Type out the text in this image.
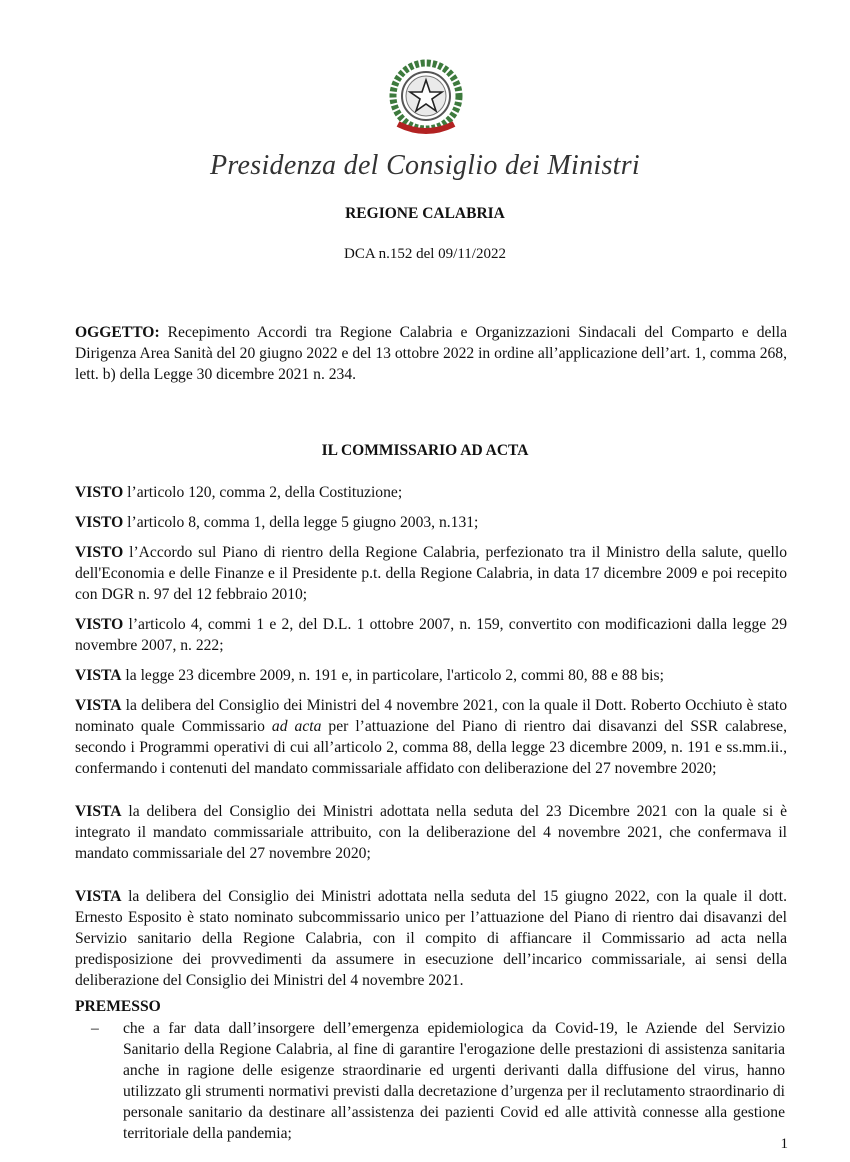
Presidenza del Consiglio dei Ministri
REGIONE CALABRIA
DCA n.152 del 09/11/2022
OGGETTO: Recepimento Accordi tra Regione Calabria e Organizzazioni Sindacali del Comparto e della Dirigenza Area Sanità del 20 giugno 2022 e del 13 ottobre 2022 in ordine all’applicazione dell’art. 1, comma 268, lett. b) della Legge 30 dicembre 2021 n. 234.
IL COMMISSARIO AD ACTA

VISTO l’articolo 120, comma 2, della Costituzione;

VISTO l’articolo 8, comma 1, della legge 5 giugno 2003, n.131;

VISTO l’Accordo sul Piano di rientro della Regione Calabria, perfezionato tra il Ministro della salute, quello dell'Economia e delle Finanze e il Presidente p.t. della Regione Calabria, in data 17 dicembre 2009 e poi recepito con DGR n. 97 del 12 febbraio 2010;

VISTO l’articolo 4, commi 1 e 2, del D.L. 1 ottobre 2007, n. 159, convertito con modificazioni dalla legge 29 novembre 2007, n. 222;

VISTA la legge 23 dicembre 2009, n. 191 e, in particolare, l'articolo 2, commi 80, 88 e 88 bis;

VISTA la delibera del Consiglio dei Ministri del 4 novembre 2021, con la quale il Dott. Roberto Occhiuto è stato nominato quale Commissario ad acta per l’attuazione del Piano di rientro dai disavanzi del SSR calabrese, secondo i Programmi operativi di cui all’articolo 2, comma 88, della legge 23 dicembre 2009, n. 191 e ss.mm.ii., confermando i contenuti del mandato commissariale affidato con deliberazione del 27 novembre 2020;

VISTA la delibera del Consiglio dei Ministri adottata nella seduta del 23 Dicembre 2021 con la quale si è integrato il mandato commissariale attribuito, con la deliberazione del 4 novembre 2021, che confermava il mandato commissariale del 27 novembre 2020;

VISTA la delibera del Consiglio dei Ministri adottata nella seduta del 15 giugno 2022, con la quale il dott. Ernesto Esposito è stato nominato subcommissario unico per l’attuazione del Piano di rientro dai disavanzi del Servizio sanitario della Regione Calabria, con il compito di affiancare il Commissario ad acta nella predisposizione dei provvedimenti da assumere in esecuzione dell’incarico commissariale, ai sensi della deliberazione del Consiglio dei Ministri del 4 novembre 2021.

PREMESSO

–	che a far data dall’insorgere dell’emergenza epidemiologica da Covid-19, le Aziende del Servizio Sanitario della Regione Calabria, al fine di garantire l'erogazione delle prestazioni di assistenza sanitaria anche in ragione delle esigenze straordinarie ed urgenti derivanti dalla diffusione del virus, hanno utilizzato gli strumenti normativi previsti dalla decretazione d’urgenza per il reclutamento straordinario di personale sanitario da destinare all’assistenza dei pazienti Covid ed alle attività connesse alla gestione territoriale della pandemia;
1
